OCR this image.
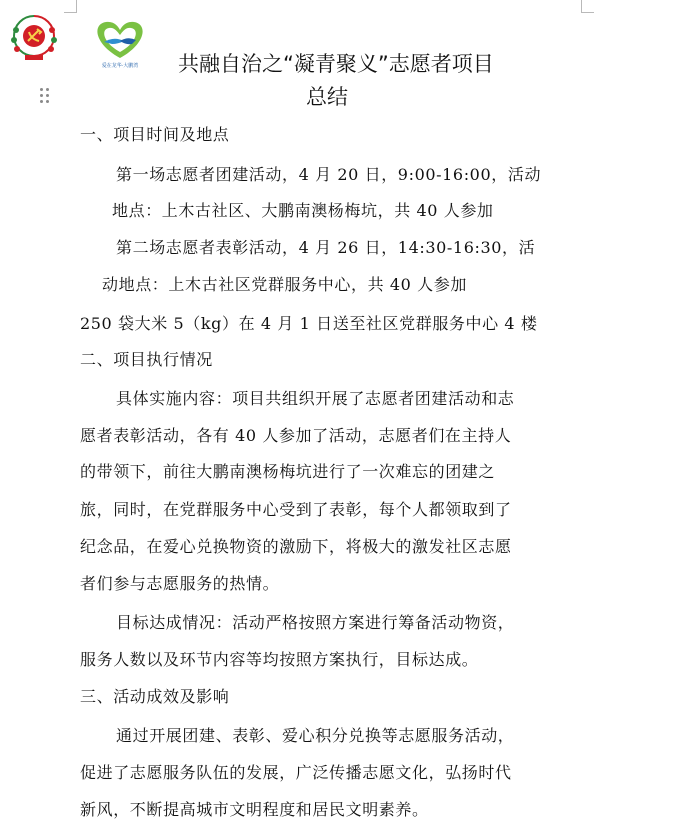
爱在龙华·大鹏湾 共融自治之“凝青聚义”志愿者项目
总结
一、项目时间及地点
第一场志愿者团建活动，4 月 20 日，9:00-16:00，活动
地点：上木古社区、大鹏南澳杨梅坑，共 40 人参加
第二场志愿者表彰活动，4 月 26 日，14:30-16:30，活
动地点：上木古社区党群服务中心，共 40 人参加
250 袋大米 5（kg）在 4 月 1 日送至社区党群服务中心 4 楼
二、项目执行情况
具体实施内容：项目共组织开展了志愿者团建活动和志
愿者表彰活动，各有 40 人参加了活动，志愿者们在主持人
的带领下，前往大鹏南澳杨梅坑进行了一次难忘的团建之
旅，同时，在党群服务中心受到了表彰，每个人都领取到了
纪念品，在爱心兑换物资的激励下，将极大的激发社区志愿
者们参与志愿服务的热情。
目标达成情况：活动严格按照方案进行筹备活动物资，
服务人数以及环节内容等均按照方案执行，目标达成。
三、活动成效及影响
通过开展团建、表彰、爱心积分兑换等志愿服务活动，
促进了志愿服务队伍的发展，广泛传播志愿文化，弘扬时代
新风，不断提高城市文明程度和居民文明素养。
